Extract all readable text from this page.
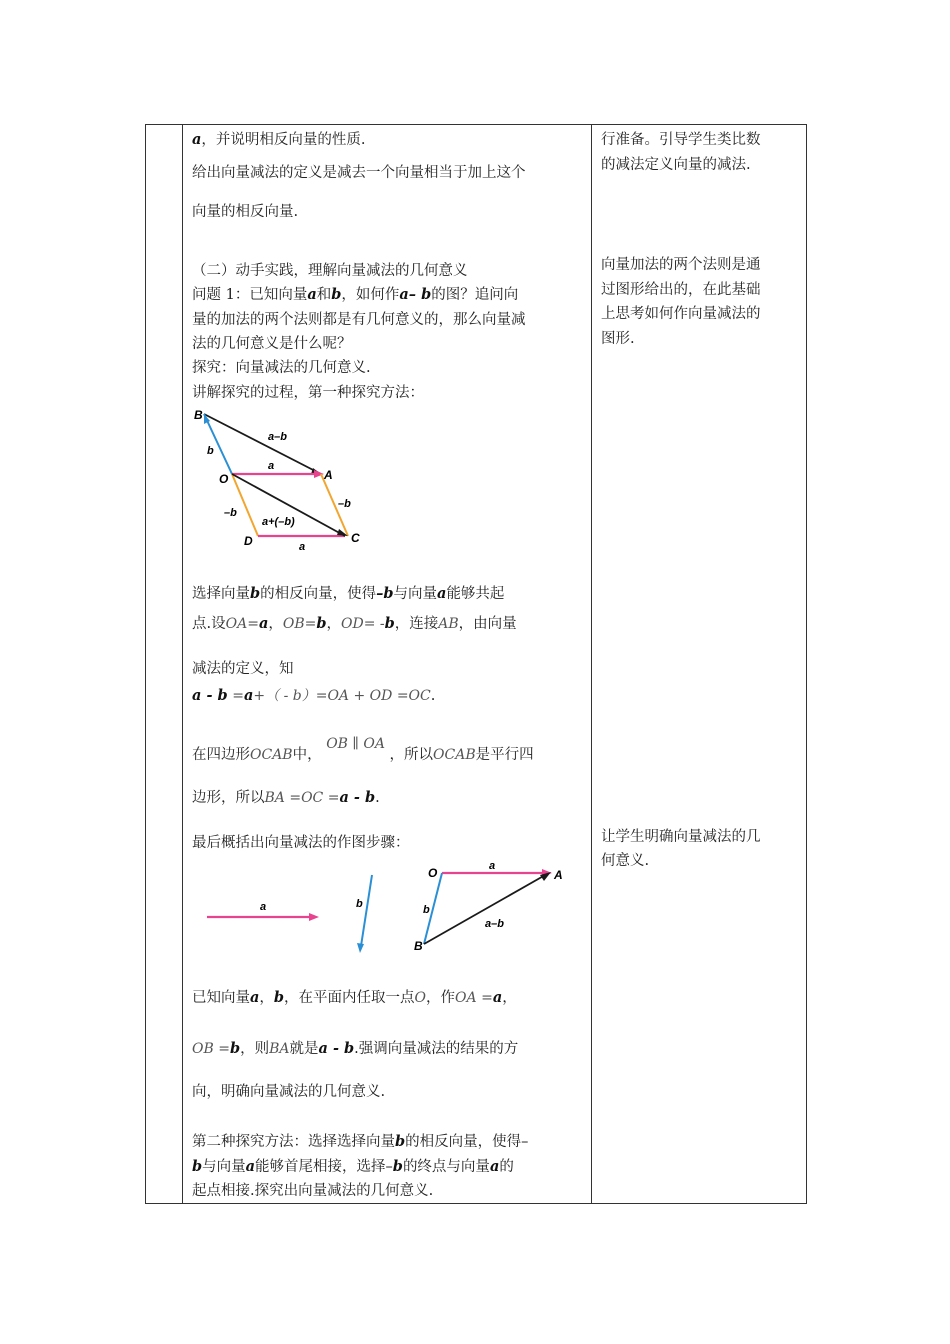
a，并说明相反向量的性质.
给出向量减法的定义是减去一个向量相当于加上这个
向量的相反向量.
（二）动手实践，理解向量减法的几何意义
问题 1：已知向量a和b，如何作a– b的图？追问向
量的加法的两个法则都是有几何意义的，那么向量减
法的几何意义是什么呢？
探究：向量减法的几何意义.
讲解探究的过程，第一种探究方法：
B
b
a–b
O
a
A
–b
–b
a+(–b)
D	a
C
选择向量b的相反向量，使得–b与向量a能够共起
点.设OA=a，OB=b，OD= -b，连接AB，由向量
减法的定义，知
a - b =a+（ - b）=OA + OD =OC.
在四边形OCAB中， OB ∥ OA ，所以OCAB是平行四
边形，所以BA =OC =a - b.
最后概括出向量减法的作图步骤：
a	b
O	a
A
b
a–b
B
已知向量a，b，在平面内任取一点O，作OA =a，
OB =b，则BA就是a - b.强调向量减法的结果的方
向，明确向量减法的几何意义.
第二种探究方法：选择选择向量b的相反向量，使得–
b与向量a能够首尾相接，选择–b的终点与向量a的
起点相接.探究出向量减法的几何意义.
行准备。引导学生类比数
的减法定义向量的减法.
向量加法的两个法则是通
过图形给出的，在此基础
上思考如何作向量减法的
图形.
让学生明确向量减法的几
何意义.
